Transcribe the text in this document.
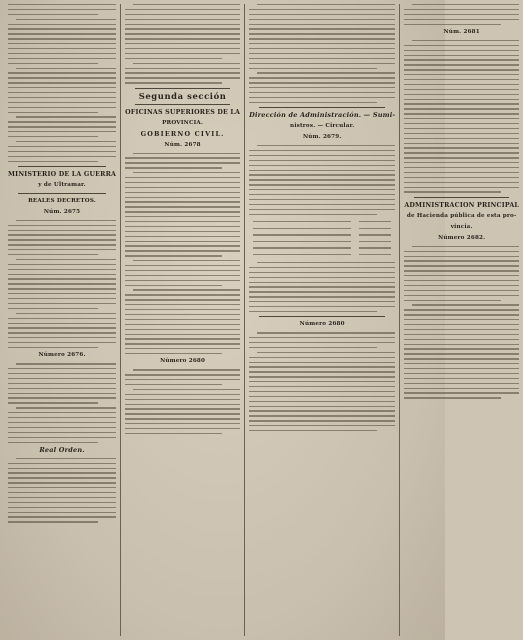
MINISTERIO DE LA GUERRA
y de Ultramar.
REALES DECRETOS.
Núm. 2675
Número 2676.
Real Orden.
Segunda sección
OFICINAS SUPERIORES DE LA
PROVINCIA.
GOBIERNO CIVIL.
Núm. 2678
Número 2680
Dirección de Administración. — Sumi-
nistros. — Circular.
Núm. 2679.

Número 2680
Núm. 2681
ADMINISTRACION PRINCIPAL
de Hacienda pública de esta pro-
vincia.
Número 2682.
